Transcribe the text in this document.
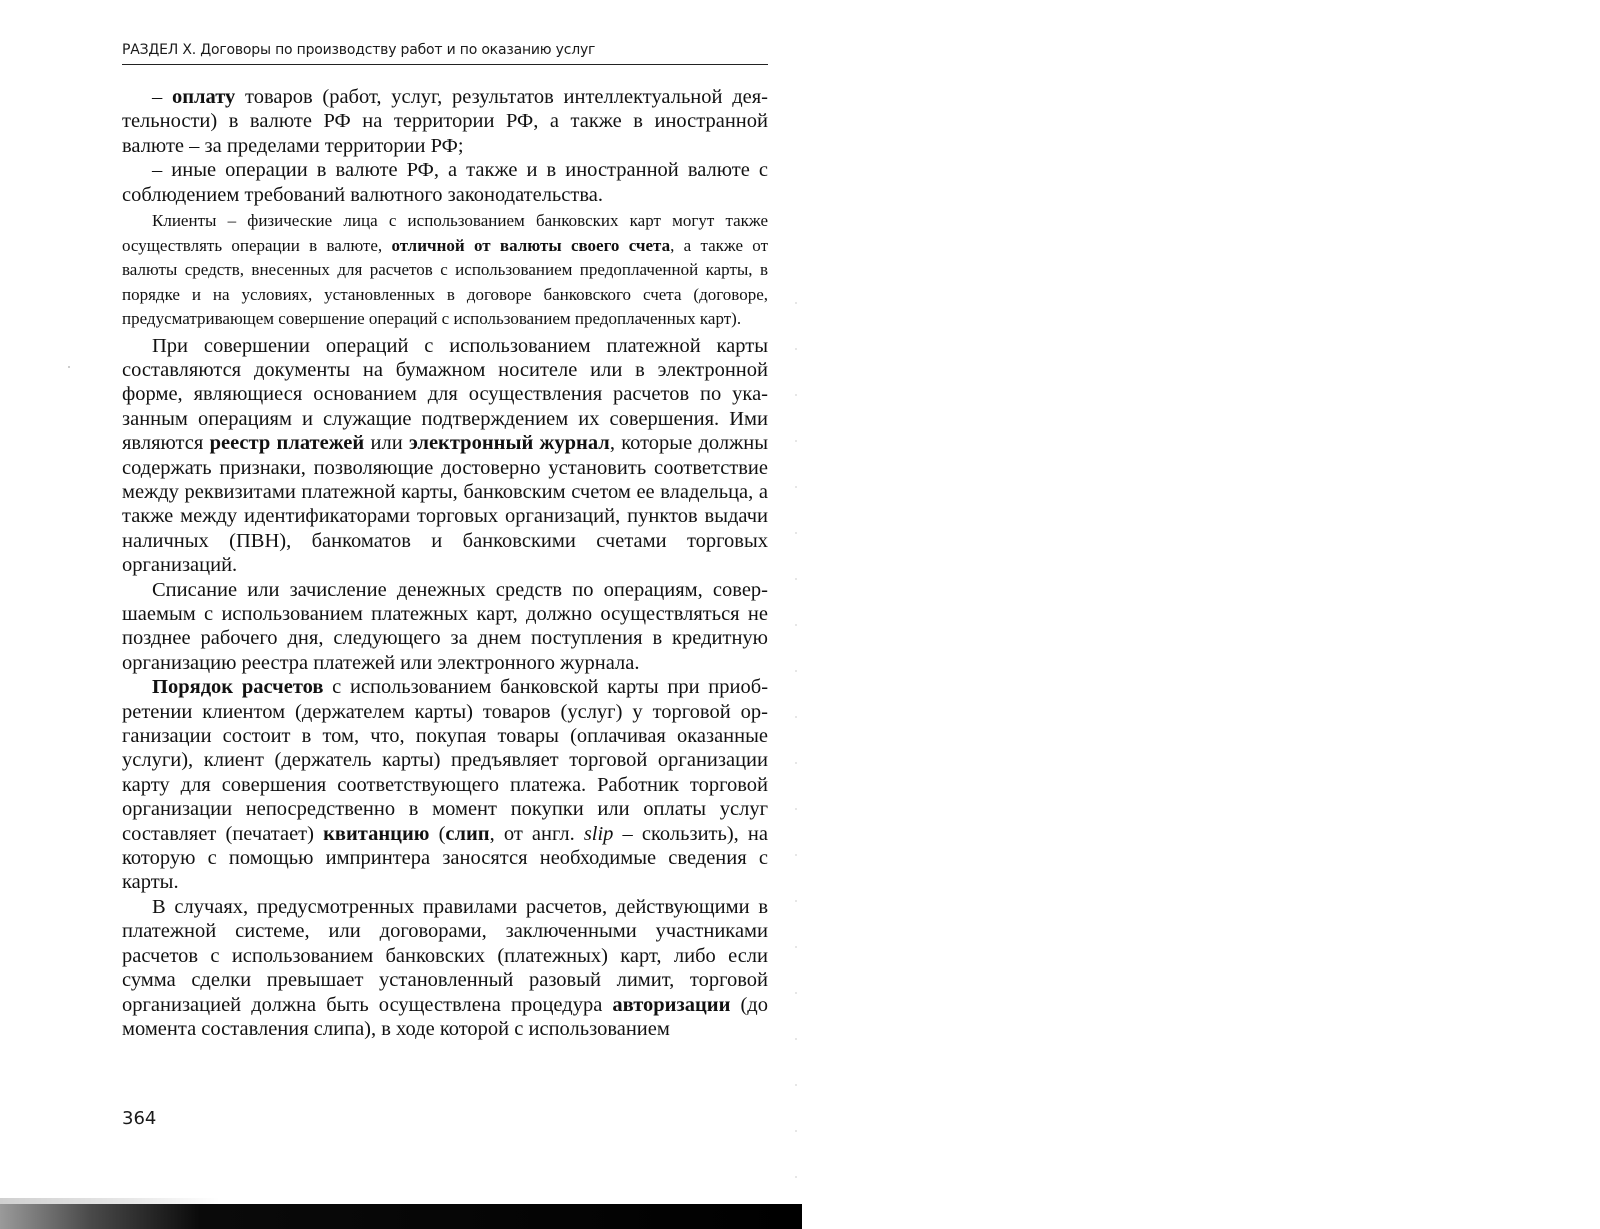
РАЗДЕЛ X. Договоры по производству работ и по оказанию услуг

– оплату товаров (работ, услуг, результатов интеллектуальной деятельности) в валюте РФ на территории РФ, а также в иностранной валюте – за пределами территории РФ;

– иные операции в валюте РФ, а также и в иностранной валюте с соблюдением требований валютного законодательства.

Клиенты – физические лица с использованием банковских карт могут также осуществлять операции в валюте, отличной от валюты своего счета, а также от валюты средств, внесенных для расчетов с использованием предоплаченной карты, в порядке и на условиях, установленных в договоре банковского счета (договоре, предусматривающем совершение операций с использованием предоплаченных карт).

При совершении операций с использованием платежной карты составляются документы на бумажном носителе или в электронной форме, являющиеся основанием для осуществления расчетов по указанным операциям и служащие подтверждением их совершения. Ими являются реестр платежей или электронный журнал, которые должны содержать признаки, позволяющие достоверно установить соответствие между реквизитами платежной карты, банковским счетом ее владельца, а также между идентификаторами торговых организаций, пунктов выдачи наличных (ПВН), банкоматов и банковскими счетами торговых организаций.

Списание или зачисление денежных средств по операциям, совершаемым с использованием платежных карт, должно осуществляться не позднее рабочего дня, следующего за днем поступления в кредитную организацию реестра платежей или электронного журнала.

Порядок расчетов с использованием банковской карты при приобретении клиентом (держателем карты) товаров (услуг) у торговой организации состоит в том, что, покупая товары (оплачивая оказанные услуги), клиент (держатель карты) предъявляет торговой организации карту для совершения соответствующего платежа. Работник торговой организации непосредственно в момент покупки или оплаты услуг составляет (печатает) квитанцию (слип, от англ. slip – скользить), на которую с помощью импринтера заносятся необходимые сведения с карты.

В случаях, предусмотренных правилами расчетов, действующими в платежной системе, или договорами, заключенными участниками расчетов с использованием банковских (платежных) карт, либо если сумма сделки превышает установленный разовый лимит, торговой организацией должна быть осуществлена процедура авторизации (до момента составления слипа), в ходе которой с использованием

364
